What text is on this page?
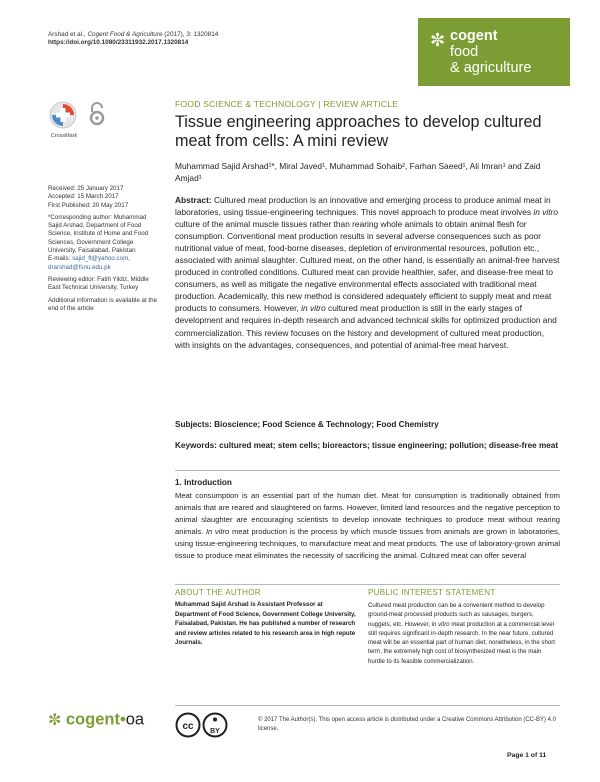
Arshad et al., Cogent Food & Agriculture (2017), 3: 1320814
https://doi.org/10.1080/23311932.2017.1320814	✼ cogent
food
& agriculture
CrossMark
FOOD SCIENCE & TECHNOLOGY | REVIEW ARTICLE
Tissue engineering approaches to develop cultured meat from cells: A mini review
Muhammad Sajid Arshad¹*, Miral Javed¹, Muhammad Sohaib², Farhan Saeed¹, Ali Imran¹ and Zaid Amjad¹

Received: 25 January 2017
Accepted: 15 March 2017
First Published: 20 May 2017

*Corresponding author: Muhammad Sajid Arshad, Department of Food Science, Institute of Home and Food Sciences, Government College University, Faisalabad, Pakistan
E-mails: sajid_ft@yahoo.com,
drarshad@fsnu.edu.pk

Reviewing editor: Fatih Yildiz, Middle East Technical University, Turkey

Additional information is available at the end of the article

Abstract: Cultured meat production is an innovative and emerging process to produce animal meat in laboratories, using tissue-engineering techniques. This novel approach to produce meat involves in vitro culture of the animal muscle tissues rather than rearing whole animals to obtain animal flesh for consumption. Conventional meat production results in several adverse consequences such as poor nutritional value of meat, food-borne diseases, depletion of environmental resources, pollution etc., associated with animal slaughter. Cultured meat, on the other hand, is essentially an animal-free harvest produced in controlled conditions. Cultured meat can provide healthier, safer, and disease-free meat to consumers, as well as mitigate the negative environmental effects associated with traditional meat production. Academically, this new method is considered adequately efficient to supply meat and meat products to consumers. However, in vitro cultured meat production is still in the early stages of development and requires in-depth research and advanced technical skills for optimized production and commercialization. This review focuses on the history and development of cultured meat production, with insights on the advantages, consequences, and potential of animal-free meat harvest.
Subjects: Bioscience; Food Science & Technology; Food Chemistry
Keywords: cultured meat; stem cells; bioreactors; tissue engineering; pollution; disease-free meat
1. Introduction
Meat consumption is an essential part of the human diet. Meat for consumption is traditionally obtained from animals that are reared and slaughtered on farms. However, limited land resources and the negative perception to animal slaughter are encouraging scientists to develop innovate techniques to produce meat without rearing animals. In vitro meat production is the process by which muscle tissues from animals are grown in laboratories, using tissue-engineering techniques, to manufacture meat and meat products. The use of laboratory-grown animal tissue to produce meat eliminates the necessity of sacrificing the animal. Cultured meat can offer several
ABOUT THE AUTHOR
Muhammad Sajid Arshad is Assistant Professor at Department of Food Science, Government College University, Faisalabad, Pakistan. He has published a number of research and review articles related to his research area in high repute Journals.
PUBLIC INTEREST STATEMENT
Cultured meat production can be a convenient method to develop ground-meat processed products such as sausages, burgers, nuggets, etc. However, in vitro meat production at a commercial level still requires significant in-depth research. In the near future, cultured meat will be an essential part of human diet; nonetheless, in the short term, the extremely high cost of biosynthesized meat is the main hurdle to its feasible commercialization.
✼ cogent•oa	cc BY
© 2017 The Author(s). This open access article is distributed under a Creative Commons Attribution (CC-BY) 4.0 license.
Page 1 of 11
